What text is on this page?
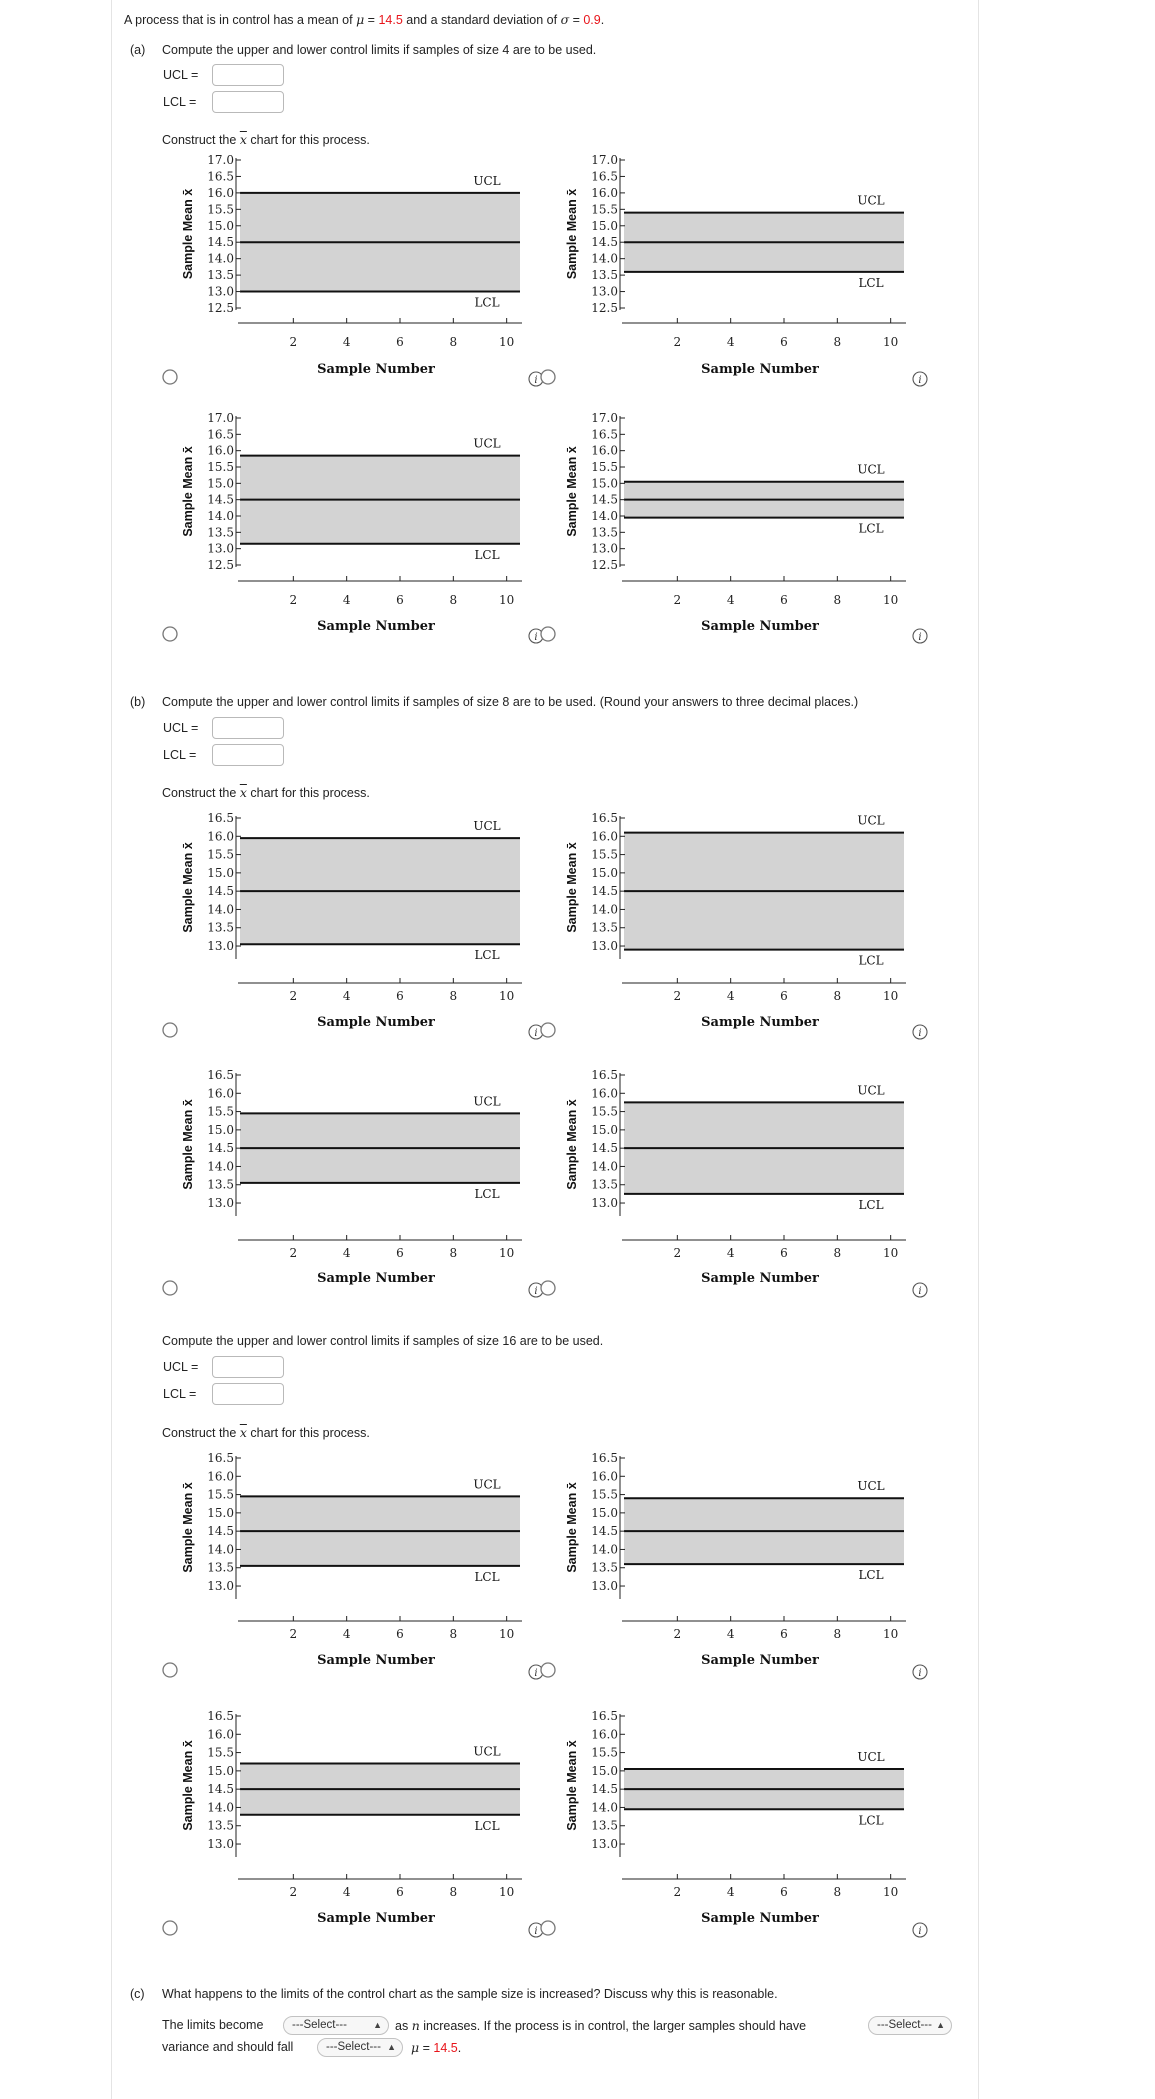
A process that is in control has a mean of μ = 14.5 and a standard deviation of σ = 0.9.
(a) Compute the upper and lower control limits if samples of size 4 are to be used.
UCL =
LCL =
Construct the $\overline{x}$ chart for this process.
(b) Compute the upper and lower control limits if samples of size 8 are to be used. (Round your answers to three decimal places.)
UCL =
LCL =
Construct the $\overline{x}$ chart for this process.
Compute the upper and lower control limits if samples of size 16 are to be used.
UCL =
LCL =
Construct the $\overline{x}$ chart for this process.
(c) What happens to the limits of the control chart as the sample size is increased? Discuss why this is reasonable.
The limits become	---Select---	▲︎ as n increases. If the process is in control, the larger samples should have	---Select--- ▲︎
variance and should fall	---Select--- ▲︎ μ = 14.5.
UCL
LCL
17.0
16.5
16.0
15.5
15.0
14.5
14.0
13.5
13.0
12.5
Sample Mean x̄
2	4	6	8	10
Sample Number
i
UCL
LCL
17.0
16.5
16.0
15.5
15.0
14.5
14.0
13.5
13.0
12.5
Sample Mean x̄
2	4	6	8	10
Sample Number
i
UCL
LCL
17.0
16.5
16.0
15.5
15.0
14.5
14.0
13.5
13.0
12.5
Sample Mean x̄
2	4	6	8	10
Sample Number
i
UCL
LCL
17.0
16.5
16.0
15.5
15.0
14.5
14.0
13.5
13.0
12.5
Sample Mean x̄
2	4	6	8	10
Sample Number
i
UCL
LCL
16.5
16.0
15.5
15.0
14.5
14.0
13.5
13.0
Sample Mean x̄
2	4	6	8	10
Sample Number
i
UCL
LCL
16.5
16.0
15.5
15.0
14.5
14.0
13.5
13.0
Sample Mean x̄
2	4	6	8	10
Sample Number
i
UCL
LCL
16.5
16.0
15.5
15.0
14.5
14.0
13.5
13.0
Sample Mean x̄
2	4	6	8	10
Sample Number
i
UCL
LCL
16.5
16.0
15.5
15.0
14.5
14.0
13.5
13.0
Sample Mean x̄
2	4	6	8	10
Sample Number
i
UCL
LCL
16.5
16.0
15.5
15.0
14.5
14.0
13.5
13.0
Sample Mean x̄
2	4	6	8	10
Sample Number
i
UCL
LCL
16.5
16.0
15.5
15.0
14.5
14.0
13.5
13.0
Sample Mean x̄
2	4	6	8	10
Sample Number
i
UCL
LCL
16.5
16.0
15.5
15.0
14.5
14.0
13.5
13.0
Sample Mean x̄
2	4	6	8	10
Sample Number
i
UCL
LCL
16.5
16.0
15.5
15.0
14.5
14.0
13.5
13.0
Sample Mean x̄
2	4	6	8	10
Sample Number
i
